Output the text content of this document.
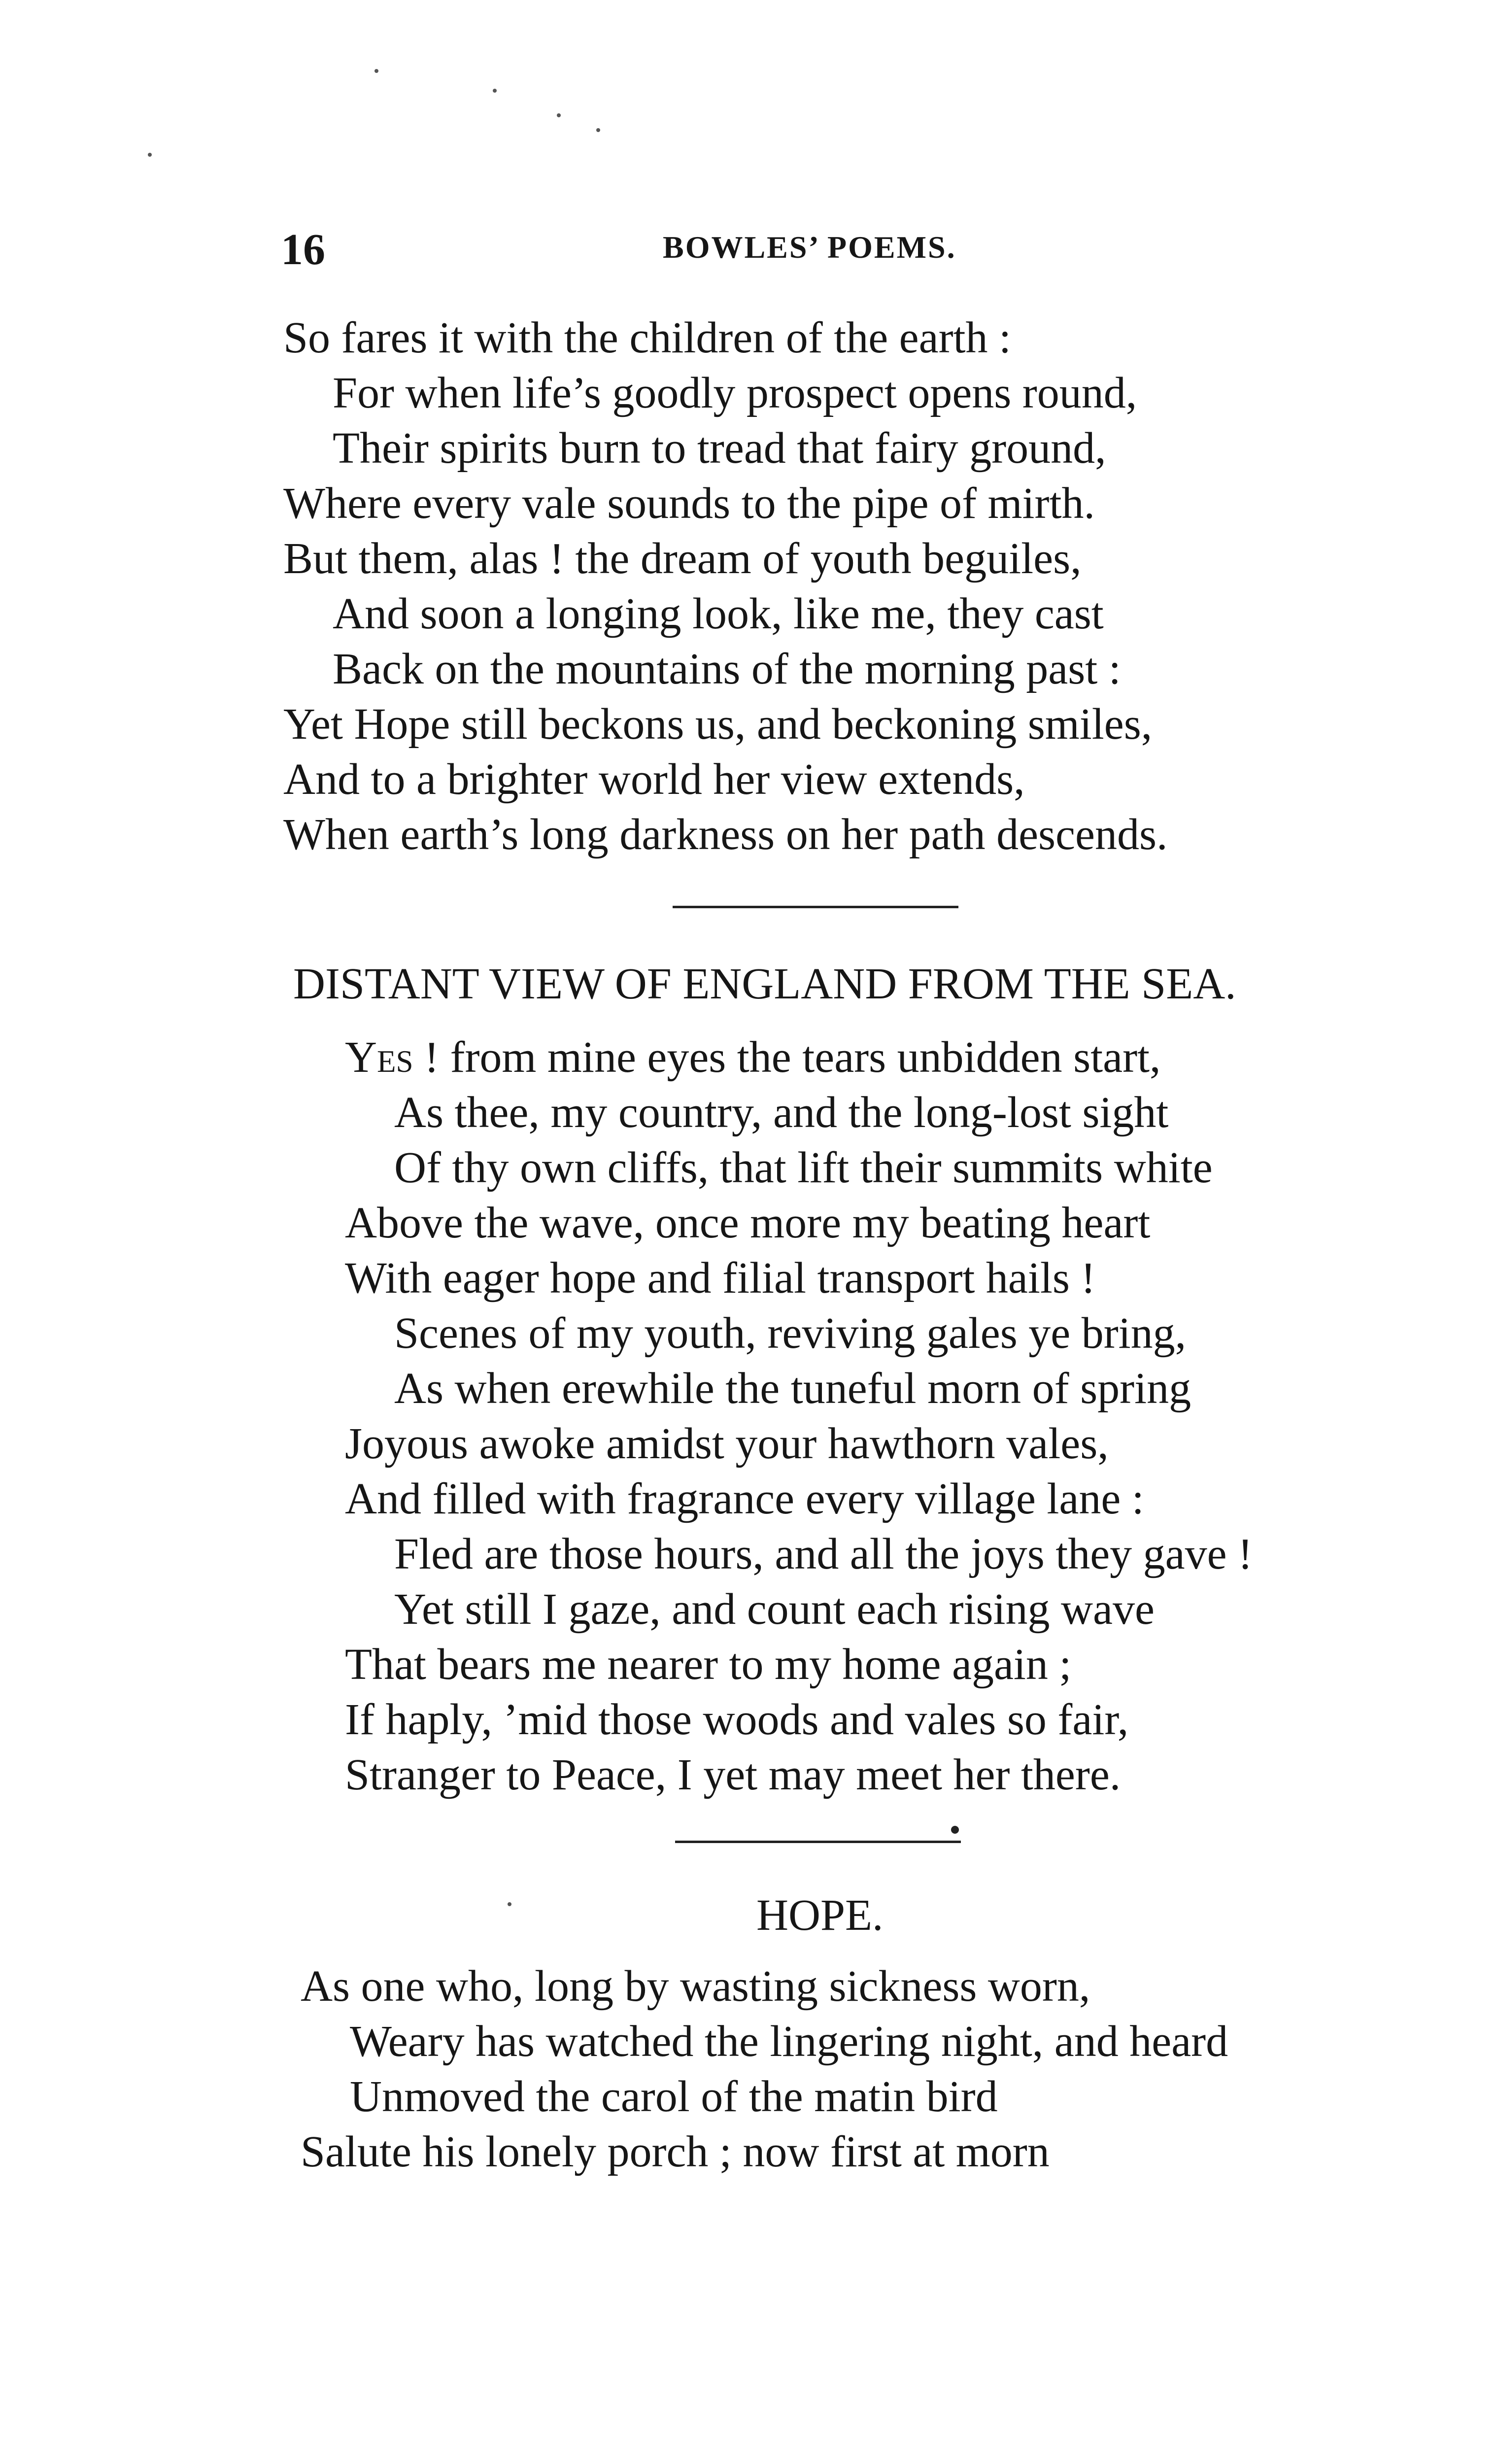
16	BOWLES’ POEMS.
So fares it with the children of the earth :
For when life’s goodly prospect opens round,
Their spirits burn to tread that fairy ground,
Where every vale sounds to the pipe of mirth.
But them, alas ! the dream of youth beguiles,
And soon a longing look, like me, they cast
Back on the mountains of the morning past :
Yet Hope still beckons us, and beckoning smiles,
And to a brighter world her view extends,
When earth’s long darkness on her path descends.
DISTANT VIEW OF ENGLAND FROM THE SEA.
Yes ! from mine eyes the tears unbidden start,
As thee, my country, and the long-lost sight
Of thy own cliffs, that lift their summits white
Above the wave, once more my beating heart
With eager hope and filial transport hails !
Scenes of my youth, reviving gales ye bring,
As when erewhile the tuneful morn of spring
Joyous awoke amidst your hawthorn vales,
And filled with fragrance every village lane :
Fled are those hours, and all the joys they gave !
Yet still I gaze, and count each rising wave
That bears me nearer to my home again ;
If haply, ’mid those woods and vales so fair,
Stranger to Peace, I yet may meet her there.
HOPE.
As one who, long by wasting sickness worn,
Weary has watched the lingering night, and heard
Unmoved the carol of the matin bird
Salute his lonely porch ; now first at morn
